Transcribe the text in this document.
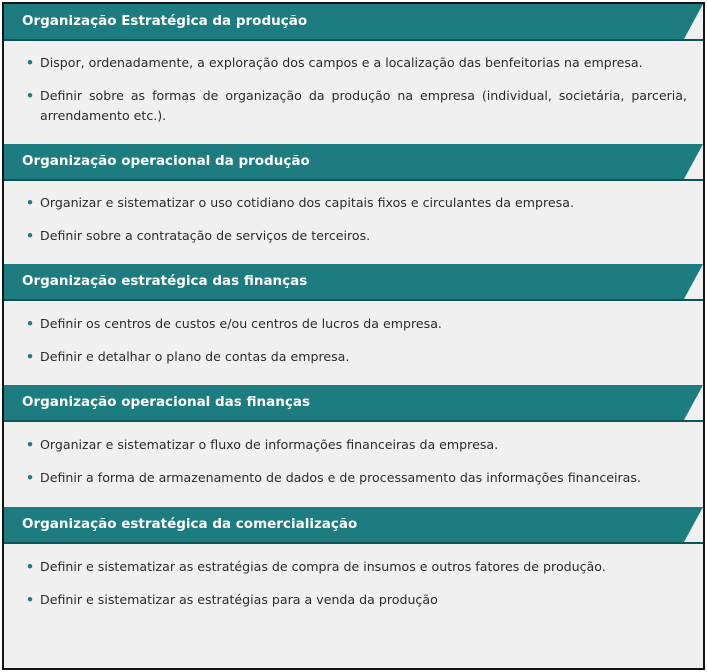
Organização Estratégica da produção
• Dispor, ordenadamente, a exploração dos campos e a localização das benfeitorias na empresa.
• Definir sobre as formas de organização da produção na empresa (individual, societária, parceria, arrendamento etc.).
Organização operacional da produção
• Organizar e sistematizar o uso cotidiano dos capitais fixos e circulantes da empresa.
• Definir sobre a contratação de serviços de terceiros.
Organização estratégica das finanças
• Definir os centros de custos e/ou centros de lucros da empresa.
• Definir e detalhar o plano de contas da empresa.
Organização operacional das finanças
• Organizar e sistematizar o fluxo de informações financeiras da empresa.
• Definir a forma de armazenamento de dados e de processamento das informações financeiras.
Organização estratégica da comercialização
• Definir e sistematizar as estratégias de compra de insumos e outros fatores de produção.
• Definir e sistematizar as estratégias para a venda da produção
